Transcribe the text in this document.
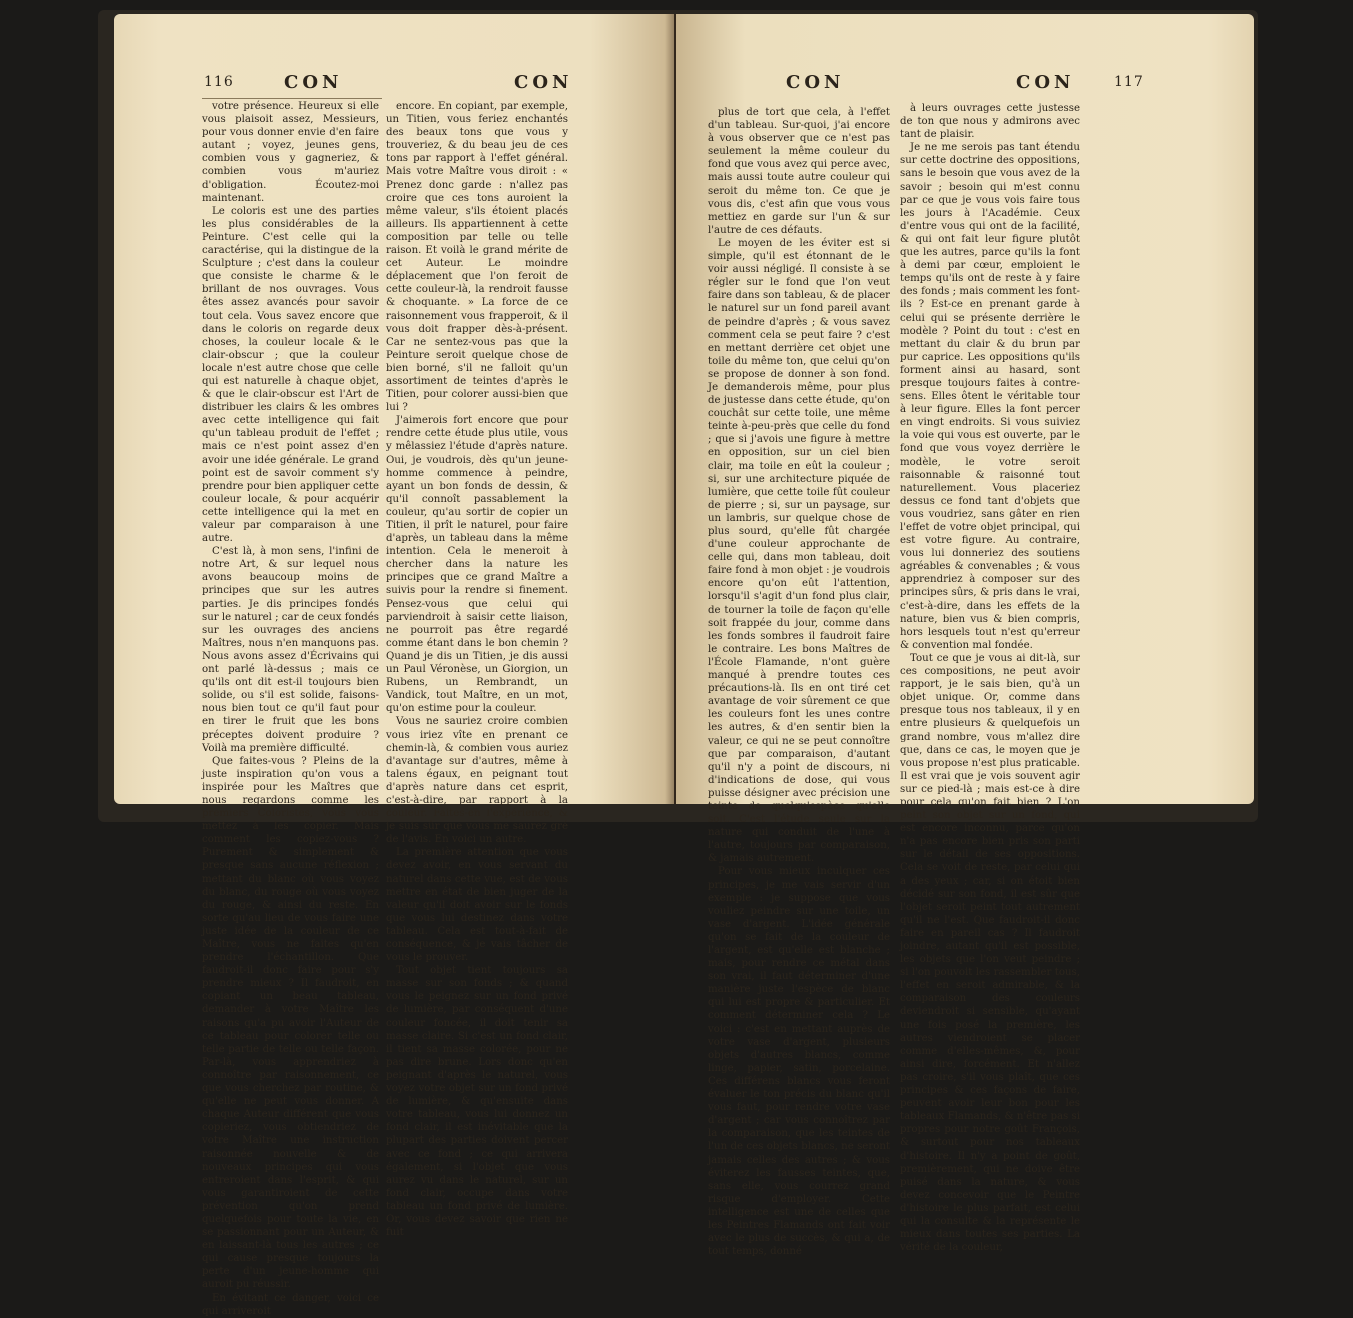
116	CON	CON

votre présence. Heureux si elle vous plaisoit assez, Messieurs, pour vous donner envie d'en faire autant ; voyez, jeunes gens, combien vous y gagneriez, & combien vous m'auriez d'obligation. Écoutez-moi maintenant.

Le coloris est une des parties les plus considérables de la Peinture. C'est celle qui la caractérise, qui la distingue de la Sculpture ; c'est dans la couleur que consiste le charme & le brillant de nos ouvrages. Vous êtes assez avancés pour savoir tout cela. Vous savez encore que dans le coloris on regarde deux choses, la couleur locale & le clair-obscur ; que la couleur locale n'est autre chose que celle qui est naturelle à chaque objet, & que le clair-obscur est l'Art de distribuer les clairs & les ombres avec cette intelligence qui fait qu'un tableau produit de l'effet ; mais ce n'est point assez d'en avoir une idée générale. Le grand point est de savoir comment s'y prendre pour bien appliquer cette couleur locale, & pour acquérir cette intelligence qui la met en valeur par comparaison à une autre.

C'est là, à mon sens, l'infini de notre Art, & sur lequel nous avons beaucoup moins de principes que sur les autres parties. Je dis principes fondés sur le naturel ; car de ceux fondés sur les ouvrages des anciens Maîtres, nous n'en manquons pas. Nous avons assez d'Écrivains qui ont parlé là-dessus ; mais ce qu'ils ont dit est-il toujours bien solide, ou s'il est solide, faisons-nous bien tout ce qu'il faut pour en tirer le fruit que les bons préceptes doivent produire ? Voilà ma première difficulté.

Que faites-vous ? Pleins de la juste inspiration qu'on vous a inspirée pour les Maîtres que nous regardons comme les premiers Coloristes, vous vous mettez à les copier. Mais comment les copiez-vous ? Purement & simplement & presque sans aucune réflexion ; mettant du blanc où vous voyez du blanc, du rouge où vous voyez du rouge, & ainsi du reste. En sorte qu'au lieu de vous faire une juste idée de la couleur de ce Maître, vous ne faites qu'en prendre l'échantillon. Que faudroit-il donc faire pour s'y prendre mieux ? Il faudroit, en copiant un beau tableau, demander à votre Maître les raisons qu'a pu avoir l'Auteur de ce tableau pour colorer telle ou telle partie de telle ou telle façon. Par-là, vous apprendriez à connoître par raisonnement, ce que vous cherchez par routine, & qu'elle ne peut vous donner. A chaque Auteur différent que vous copieriez, vous obtiendriez de votre Maître une instruction raisonnée nouvelle & de nouveaux principes qui vous entreroient dans l'esprit, & qui vous garantiroient de cette prévention qu'on prend quelquefois pour toute la vie, en se passionnant pour un Auteur, & en laissant-là tous les autres ; ce qui cause presque toujours la perte d'un jeune-homme qui auroit pu réussir.

En évitant ce danger, voici ce qui arriveroit

encore. En copiant, par exemple, un Titien, vous feriez enchantés des beaux tons que vous y trouveriez, & du beau jeu de ces tons par rapport à l'effet général. Mais votre Maître vous diroit : « Prenez donc garde : n'allez pas croire que ces tons auroient la même valeur, s'ils étoient placés ailleurs. Ils appartiennent à cette composition par telle ou telle raison. Et voilà le grand mérite de cet Auteur. Le moindre déplacement que l'on feroit de cette couleur-là, la rendroit fausse & choquante. » La force de ce raisonnement vous frapperoit, & il vous doit frapper dès-à-présent. Car ne sentez-vous pas que la Peinture seroit quelque chose de bien borné, s'il ne falloit qu'un assortiment de teintes d'après le Titien, pour colorer aussi-bien que lui ?

J'aimerois fort encore que pour rendre cette étude plus utile, vous y mêlassiez l'étude d'après nature. Oui, je voudrois, dès qu'un jeune-homme commence à peindre, ayant un bon fonds de dessin, & qu'il connoît passablement la couleur, qu'au sortir de copier un Titien, il prît le naturel, pour faire d'après, un tableau dans la même intention. Cela le meneroit à chercher dans la nature les principes que ce grand Maître a suivis pour la rendre si finement. Pensez-vous que celui qui parviendroit à saisir cette liaison, ne pourroit pas être regardé comme étant dans le bon chemin ? Quand je dis un Titien, je dis aussi un Paul Véronèse, un Giorgion, un Rubens, un Rembrandt, un Vandick, tout Maître, en un mot, qu'on estime pour la couleur.

Vous ne sauriez croire combien vous iriez vîte en prenant ce chemin-là, & combien vous auriez d'avantage sur d'autres, même à talens égaux, en peignant tout d'après nature dans cet esprit, c'est-à-dire, par rapport à la couleur. Faites-en l'expérience, & je suis sûr que vous me saurez gré de l'avis. En voici un autre.

La première attention que vous devez avoir, en vous servant du naturel dans cette vue, est de vous mettre en état de bien juger de la valeur qu'il doit avoir sur le fonds que vous lui destinez dans votre tableau. Cela est tout-à-fait de conséquence, & je vais tâcher de vous le prouver.

Tout objet tient toujours sa masse sur son fonds ; & quand vous le peignez sur un fond privé de lumière, par conséquent d'une couleur foncée, il doit tenir sa masse claire. Si c'est un fond clair, il tient sa masse colorée, pour ne pas dire brune. Lors donc qu'en peignant d'après le naturel, vous voyez votre objet sur un fond privé de lumière, & qu'ensuite dans votre tableau, vous lui donnez un fond clair, il est inévitable que la plupart des parties doivent percer avec ce fond ; ce qui arrivera également, si l'objet que vous aurez vu dans le naturel, sur un fond clair, occupe dans votre tableau un fond privé de lumière. Or, vous devez savoir que rien ne fuit

CON	CON	117

plus de tort que cela, à l'effet d'un tableau. Sur-quoi, j'ai encore à vous observer que ce n'est pas seulement la même couleur du fond que vous avez qui perce avec, mais aussi toute autre couleur qui seroit du même ton. Ce que je vous dis, c'est afin que vous vous mettiez en garde sur l'un & sur l'autre de ces défauts.

Le moyen de les éviter est si simple, qu'il est étonnant de le voir aussi négligé. Il consiste à se régler sur le fond que l'on veut faire dans son tableau, & de placer le naturel sur un fond pareil avant de peindre d'après ; & vous savez comment cela se peut faire ? c'est en mettant derrière cet objet une toile du même ton, que celui qu'on se propose de donner à son fond. Je demanderois même, pour plus de justesse dans cette étude, qu'on couchât sur cette toile, une même teinte à-peu-près que celle du fond ; que si j'avois une figure à mettre en opposition, sur un ciel bien clair, ma toile en eût la couleur ; si, sur une architecture piquée de lumière, que cette toile fût couleur de pierre ; si, sur un paysage, sur un lambris, sur quelque chose de plus sourd, qu'elle fût chargée d'une couleur approchante de celle qui, dans mon tableau, doit faire fond à mon objet : je voudrois encore qu'on eût l'attention, lorsqu'il s'agit d'un fond plus clair, de tourner la toile de façon qu'elle soit frappée du jour, comme dans les fonds sombres il faudroit faire le contraire. Les bons Maîtres de l'École Flamande, n'ont guère manqué à prendre toutes ces précautions-là. Ils en ont tiré cet avantage de voir sûrement ce que les couleurs font les unes contre les autres, & d'en sentir bien la valeur, ce qui ne se peut connoître que par comparaison, d'autant qu'il n'y a point de discours, ni d'indications de dose, qui vous puisse désigner avec précision une teinte de quelqu'espèce qu'elle soit. C'est l'étude seule sur la nature qui conduit de l'une à l'autre, toujours par comparaison, & jamais autrement.

Pour vous mieux inculquer ces principes, je me vais servir d'un exemple : je suppose que vous vouliez peindre sur une toile, un vase d'argent. L'idée générale qu'on se fait de la couleur de l'argent, est qu'elle est blanche ; mais, pour rendre ce métal dans son vrai, il faut déterminer d'une manière juste l'espèce de blanc qui lui est propre & particulier. Et comment déterminer cela ? Le voici : c'est en mettant auprès de votre vase d'argent, plusieurs objets d'autres blancs, comme linge, papier, satin, porcelaine. Ces différens blancs vous feront évaluer le ton précis du blanc qu'il vous faut, pour rendre votre vase d'argent ; car vous connoîtrez par la comparaison, que les teintes de l'un de ces objets blancs, ne seront jamais celles des autres ; & vous éviterez les fausses teintes, que, sans elle, vous courrez grand risque d'employer. Cette intelligence est une de celles que les Peintres Flamands ont fait voir avec le plus de succès, & qui a, de tout temps, donné

à leurs ouvrages cette justesse de ton que nous y admirons avec tant de plaisir.

Je ne me serois pas tant étendu sur cette doctrine des oppositions, sans le besoin que vous avez de la savoir ; besoin qui m'est connu par ce que je vous vois faire tous les jours à l'Académie. Ceux d'entre vous qui ont de la facilité, & qui ont fait leur figure plutôt que les autres, parce qu'ils la font à demi par cœur, emploient le temps qu'ils ont de reste à y faire des fonds ; mais comment les font-ils ? Est-ce en prenant garde à celui qui se présente derrière le modèle ? Point du tout : c'est en mettant du clair & du brun par pur caprice. Les oppositions qu'ils forment ainsi au hasard, sont presque toujours faites à contre-sens. Elles ôtent le véritable tour à leur figure. Elles la font percer en vingt endroits. Si vous suiviez la voie qui vous est ouverte, par le fond que vous voyez derrière le modèle, le votre seroit raisonnable & raisonné tout naturellement. Vous placeriez dessus ce fond tant d'objets que vous voudriez, sans gâter en rien l'effet de votre objet principal, qui est votre figure. Au contraire, vous lui donneriez des soutiens agréables & convenables ; & vous apprendriez à composer sur des principes sûrs, & pris dans le vrai, c'est-à-dire, dans les effets de la nature, bien vus & bien compris, hors lesquels tout n'est qu'erreur & convention mal fondée.

Tout ce que je vous ai dit-là, sur ces compositions, ne peut avoir rapport, je le sais bien, qu'à un objet unique. Or, comme dans presque tous nos tableaux, il y en entre plusieurs & quelquefois un grand nombre, vous m'allez dire que, dans ce cas, le moyen que je vous propose n'est plus praticable. Il est vrai que je vois souvent agir sur ce pied-là ; mais est-ce à dire pour cela qu'on fait bien ? L'on peint son objet sur un fond, qui est encore inconnu, parce qu'on n'a pas encore bien pris son parti sur le détail de ses oppositions. Cela se voit de reste, par celui qui a des yeux ; car, si on étoit bien décidé sur son fond, il est sûr que l'objet seroit peint tout autrement qu'il ne l'est. Que faudroit-il donc faire en pareil cas ? Il faudroit joindre, autant qu'il est possible, les objets que l'on veut peindre ; si l'on pouvoit les rassembler tous, l'effet en seroit admirable, & la comparaison des couleurs deviendroit si sensible, qu'ayant une fois posé la première, les autres viendroient se placer comme d'elles-mêmes, &, pour ainsi dire, forcément. Et n'allez pas croire, s'il vous plaît, que ces principes & ces façons de faire, peuvent avoir leur bon pour les tableaux Flamands, & n'être pas si propres pour notre goût François, & surtout pour nos tableaux d'histoire. Il n'y a point de goût, premièrement, qui ne doive être puisé dans la nature, & vous devez concevoir que le Peintre d'histoire le plus parfait, est celui qui la consulte & la représente le mieux dans toutes ses parties. La vérité de la couleur,
